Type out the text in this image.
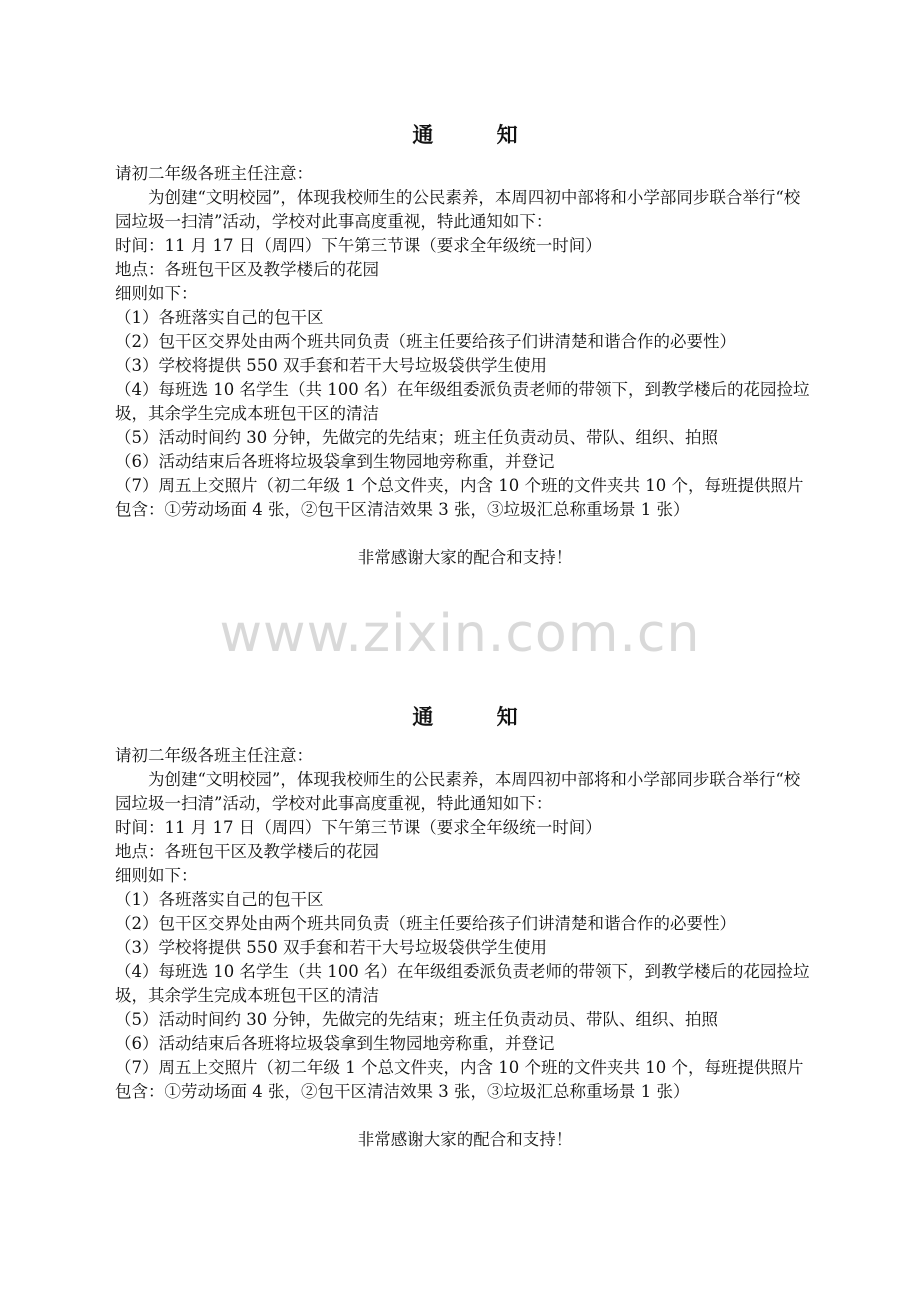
通 知

请初二年级各班主任注意：

为创建“文明校园”，体现我校师生的公民素养，本周四初中部将和小学部同步联合举行“校园垃圾一扫清”活动，学校对此事高度重视，特此通知如下：

时间：11 月 17 日（周四）下午第三节课（要求全年级统一时间）

地点：各班包干区及教学楼后的花园

细则如下：

（1）各班落实自己的包干区

（2）包干区交界处由两个班共同负责（班主任要给孩子们讲清楚和谐合作的必要性）

（3）学校将提供 550 双手套和若干大号垃圾袋供学生使用

（4）每班选 10 名学生（共 100 名）在年级组委派负责老师的带领下，到教学楼后的花园捡垃圾，其余学生完成本班包干区的清洁

（5）活动时间约 30 分钟，先做完的先结束；班主任负责动员、带队、组织、拍照

（6）活动结束后各班将垃圾袋拿到生物园地旁称重，并登记

（7）周五上交照片（初二年级 1 个总文件夹，内含 10 个班的文件夹共 10 个，每班提供照片包含：①劳动场面 4 张，②包干区清洁效果 3 张，③垃圾汇总称重场景 1 张）

非常感谢大家的配合和支持！

www.zixin.com.cn
通 知

请初二年级各班主任注意：

为创建“文明校园”，体现我校师生的公民素养，本周四初中部将和小学部同步联合举行“校园垃圾一扫清”活动，学校对此事高度重视，特此通知如下：

时间：11 月 17 日（周四）下午第三节课（要求全年级统一时间）

地点：各班包干区及教学楼后的花园

细则如下：

（1）各班落实自己的包干区

（2）包干区交界处由两个班共同负责（班主任要给孩子们讲清楚和谐合作的必要性）

（3）学校将提供 550 双手套和若干大号垃圾袋供学生使用

（4）每班选 10 名学生（共 100 名）在年级组委派负责老师的带领下，到教学楼后的花园捡垃圾，其余学生完成本班包干区的清洁

（5）活动时间约 30 分钟，先做完的先结束；班主任负责动员、带队、组织、拍照

（6）活动结束后各班将垃圾袋拿到生物园地旁称重，并登记

（7）周五上交照片（初二年级 1 个总文件夹，内含 10 个班的文件夹共 10 个，每班提供照片包含：①劳动场面 4 张，②包干区清洁效果 3 张，③垃圾汇总称重场景 1 张）

非常感谢大家的配合和支持！
